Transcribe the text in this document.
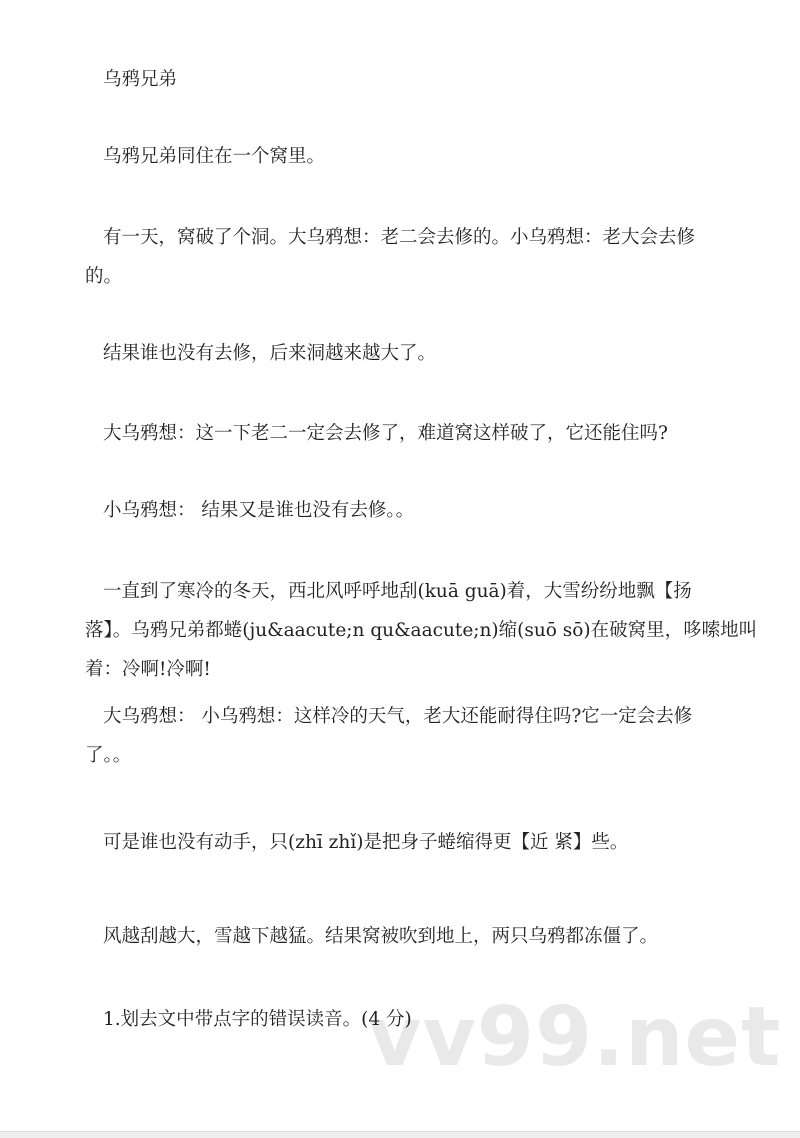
乌鸦兄弟
vv99.net
乌鸦兄弟同住在一个窝里。
有一天，窝破了个洞。大乌鸦想：老二会去修的。小乌鸦想：老大会去修
的。
结果谁也没有去修，后来洞越来越大了。
大乌鸦想：这一下老二一定会去修了，难道窝这样破了，它还能住吗?
小乌鸦想： 结果又是谁也没有去修。。
一直到了寒冷的冬天，西北风呼呼地刮(kuā guā)着，大雪纷纷地飘【扬
落】。乌鸦兄弟都蜷(ju&aacute;n qu&aacute;n)缩(suō sō)在破窝里，哆嗦地叫
着：冷啊!冷啊!
大乌鸦想： 小乌鸦想：这样冷的天气，老大还能耐得住吗?它一定会去修
了。。
可是谁也没有动手，只(zhī zhǐ)是把身子蜷缩得更【近 紧】些。
风越刮越大，雪越下越猛。结果窝被吹到地上，两只乌鸦都冻僵了。
1.划去文中带点字的错误读音。(4 分)
